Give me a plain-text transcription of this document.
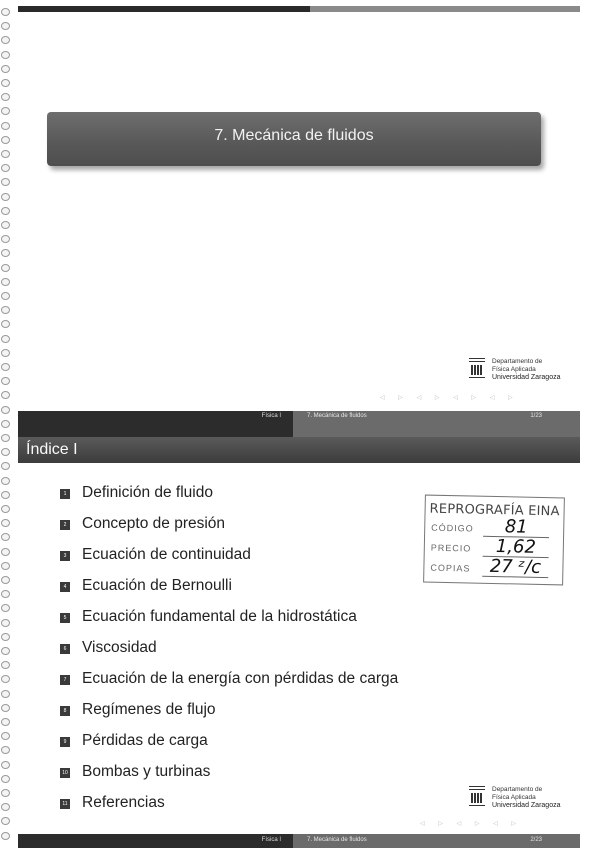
7. Mecánica de fluidos
Departamento de
Física Aplicada
Universidad Zaragoza
◁ ▷ ◁ ▷ ◁ ▷ ◁ ▷
Física I	7. Mecánica de fluidos	1/23
Índice I
1 Definición de fluido
2 Concepto de presión
3 Ecuación de continuidad
4 Ecuación de Bernoulli
5 Ecuación fundamental de la hidrostática
6 Viscosidad
7 Ecuación de la energía con pérdidas de carga
8 Regímenes de flujo
9 Pérdidas de carga
10 Bombas y turbinas
11 Referencias
REPROGRAFÍA EINA
CÓDIGO	81
PRECIO	1,62
COPIAS	27 ᶻ/c
Departamento de
Física Aplicada
Universidad Zaragoza
◁ ▷ ◁ ▷ ◁ ▷
Física I	7. Mecánica de fluidos	2/23
